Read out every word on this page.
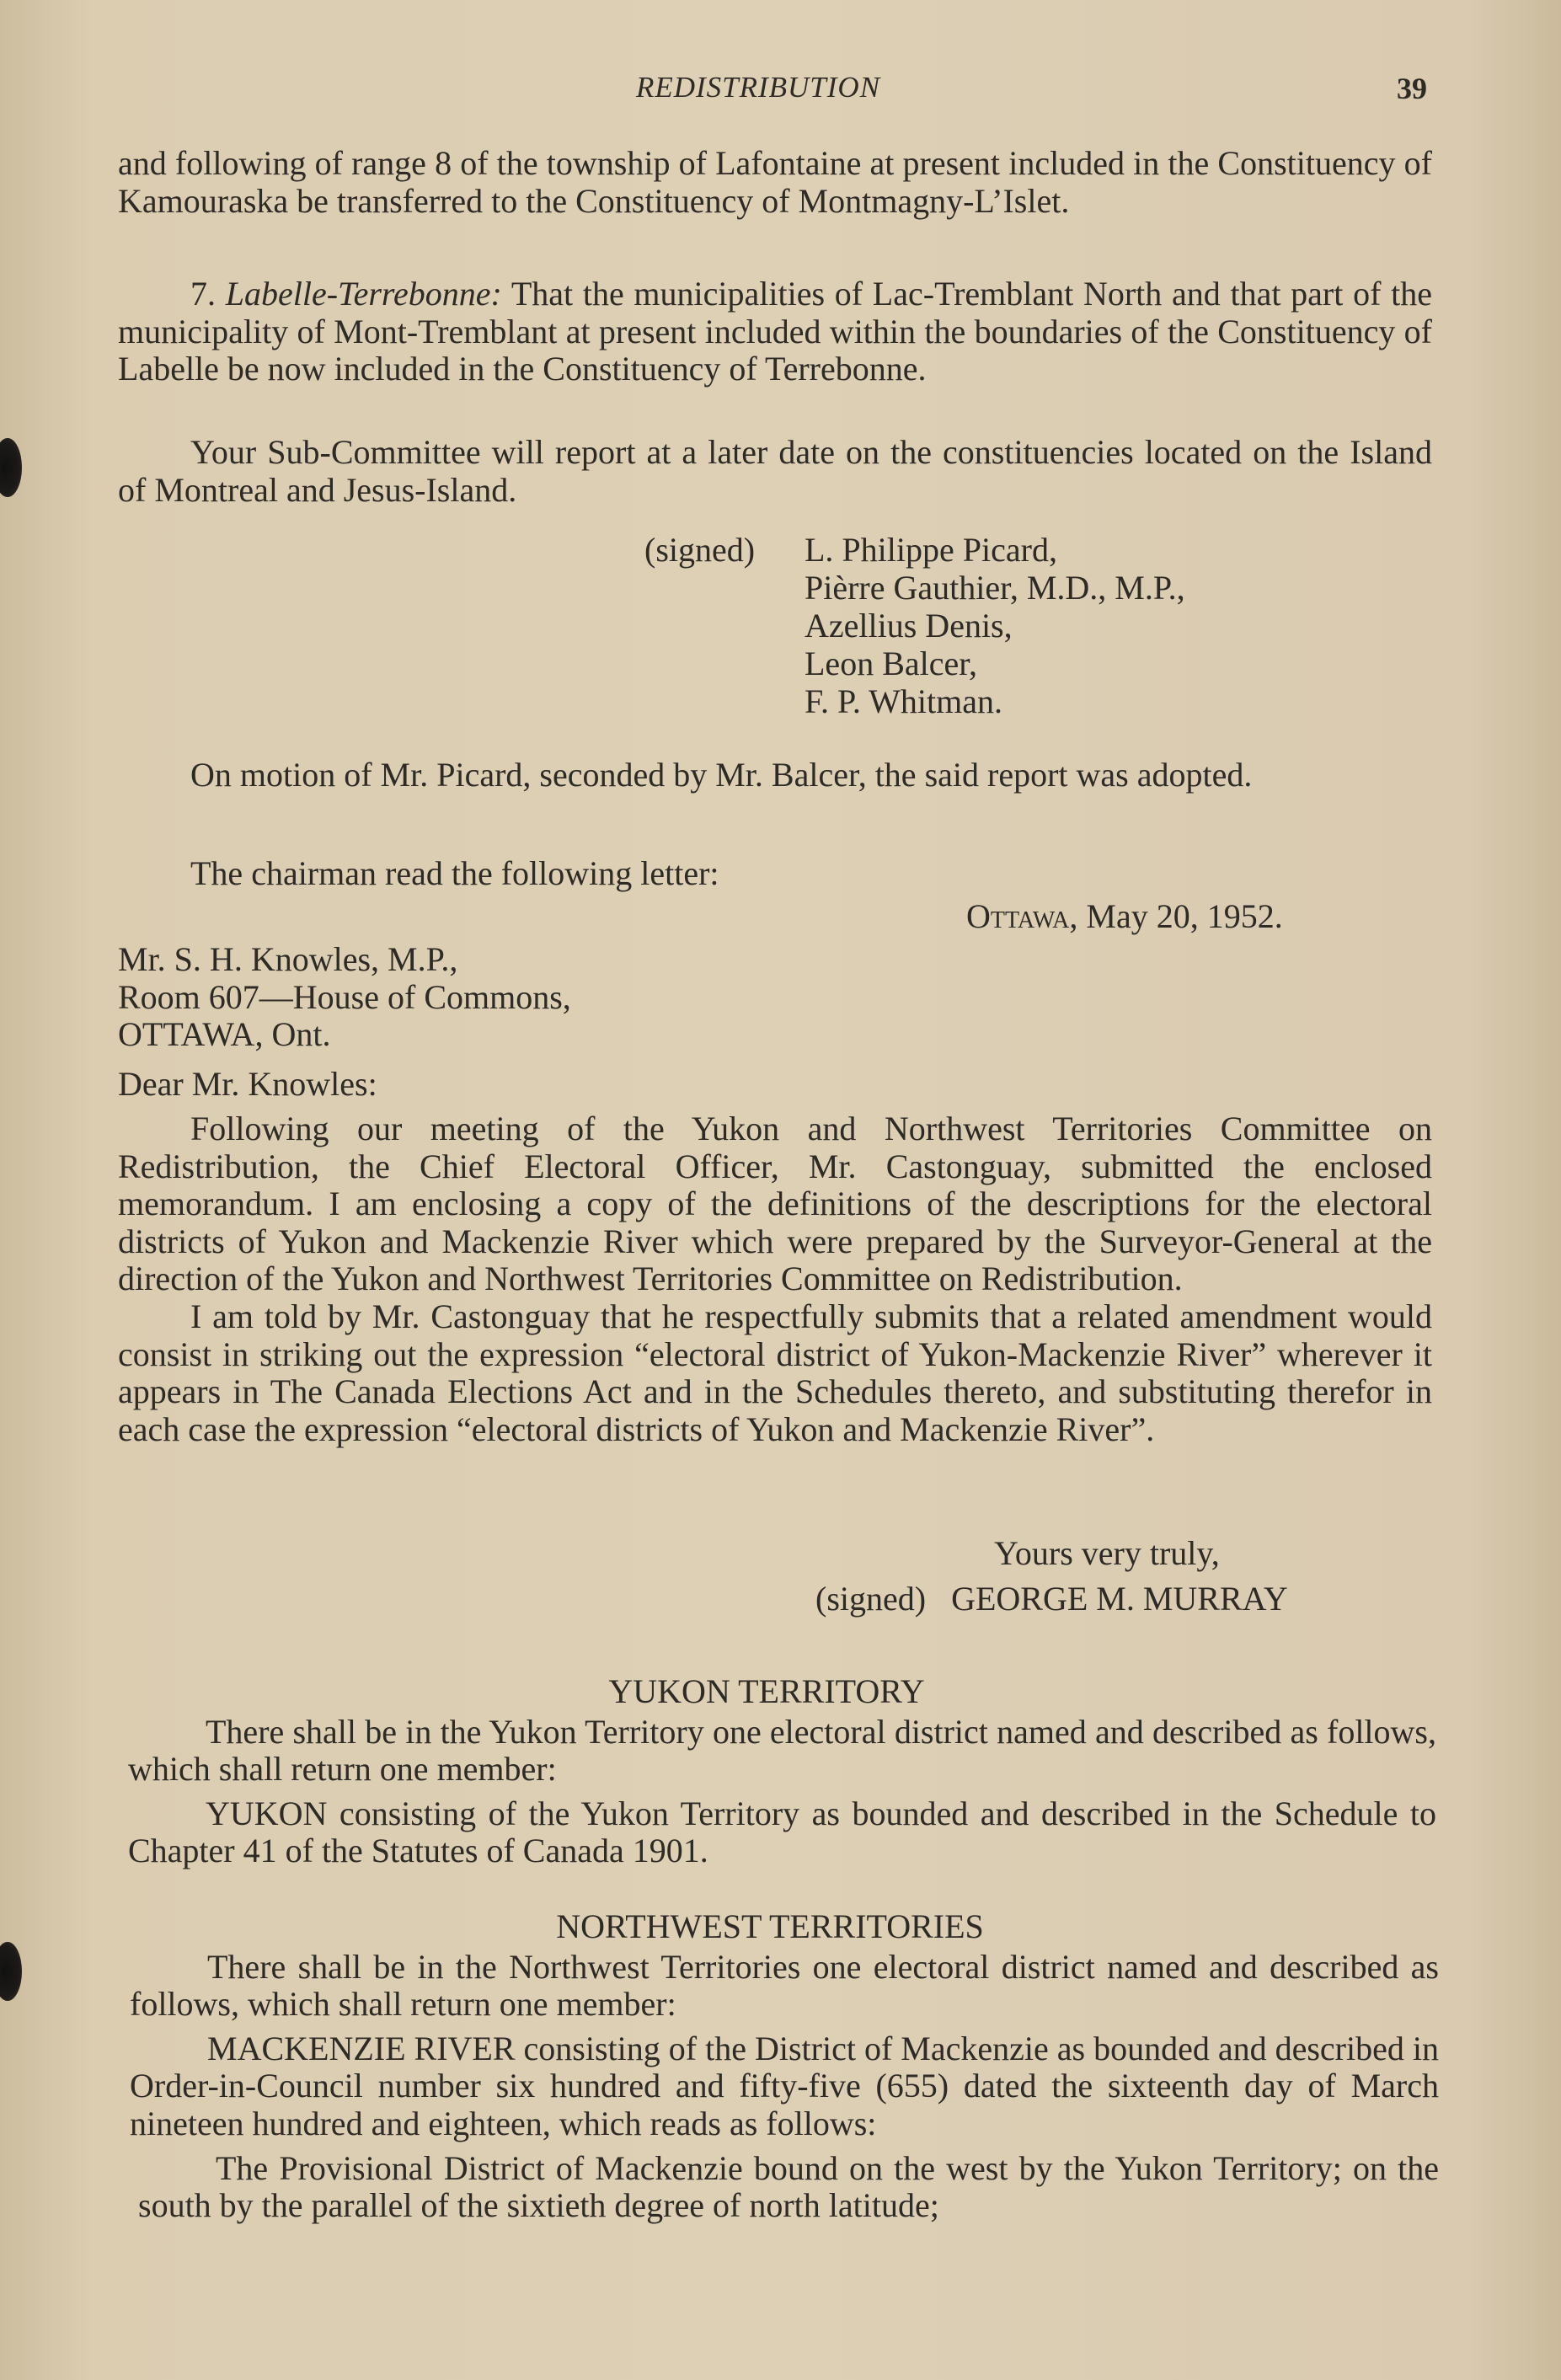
REDISTRIBUTION	39

and following of range 8 of the township of Lafontaine at present included in the Constituency of Kamouraska be transferred to the Constituency of Montmagny-L’Islet.

7. Labelle-Terrebonne: That the municipalities of Lac-Tremblant North and that part of the municipality of Mont-Tremblant at present included within the boundaries of the Constituency of Labelle be now included in the Constituency of Terrebonne.

Your Sub-Committee will report at a later date on the constituencies located on the Island of Montreal and Jesus-Island.

(signed)	L. Philippe Picard,
Pièrre Gauthier, M.D., M.P.,
Azellius Denis,
Leon Balcer,
F. P. Whitman.

On motion of Mr. Picard, seconded by Mr. Balcer, the said report was adopted.

The chairman read the following letter:

Ottawa, May 20, 1952.
Mr. S. H. Knowles, M.P.,
Room 607—House of Commons,
OTTAWA, Ont.
Dear Mr. Knowles:

Following our meeting of the Yukon and Northwest Territories Committee on Redistribution, the Chief Electoral Officer, Mr. Castonguay, submitted the enclosed memorandum. I am enclosing a copy of the definitions of the descriptions for the electoral districts of Yukon and Mackenzie River which were prepared by the Surveyor-General at the direction of the Yukon and Northwest Territories Committee on Redistribution.

I am told by Mr. Castonguay that he respectfully submits that a related amendment would consist in striking out the expression “electoral district of Yukon-Mackenzie River” wherever it appears in The Canada Elections Act and in the Schedules thereto, and substituting therefor in each case the expression “electoral districts of Yukon and Mackenzie River”.

Yours very truly,
(signed) GEORGE M. MURRAY
YUKON TERRITORY

There shall be in the Yukon Territory one electoral district named and described as follows, which shall return one member:

YUKON consisting of the Yukon Territory as bounded and described in the Schedule to Chapter 41 of the Statutes of Canada 1901.

NORTHWEST TERRITORIES

There shall be in the Northwest Territories one electoral district named and described as follows, which shall return one member:

MACKENZIE RIVER consisting of the District of Mackenzie as bounded and described in Order-in-Council number six hundred and fifty-five (655) dated the sixteenth day of March nineteen hundred and eighteen, which reads as follows:

The Provisional District of Mackenzie bound on the west by the Yukon Territory; on the south by the parallel of the sixtieth degree of north latitude;
